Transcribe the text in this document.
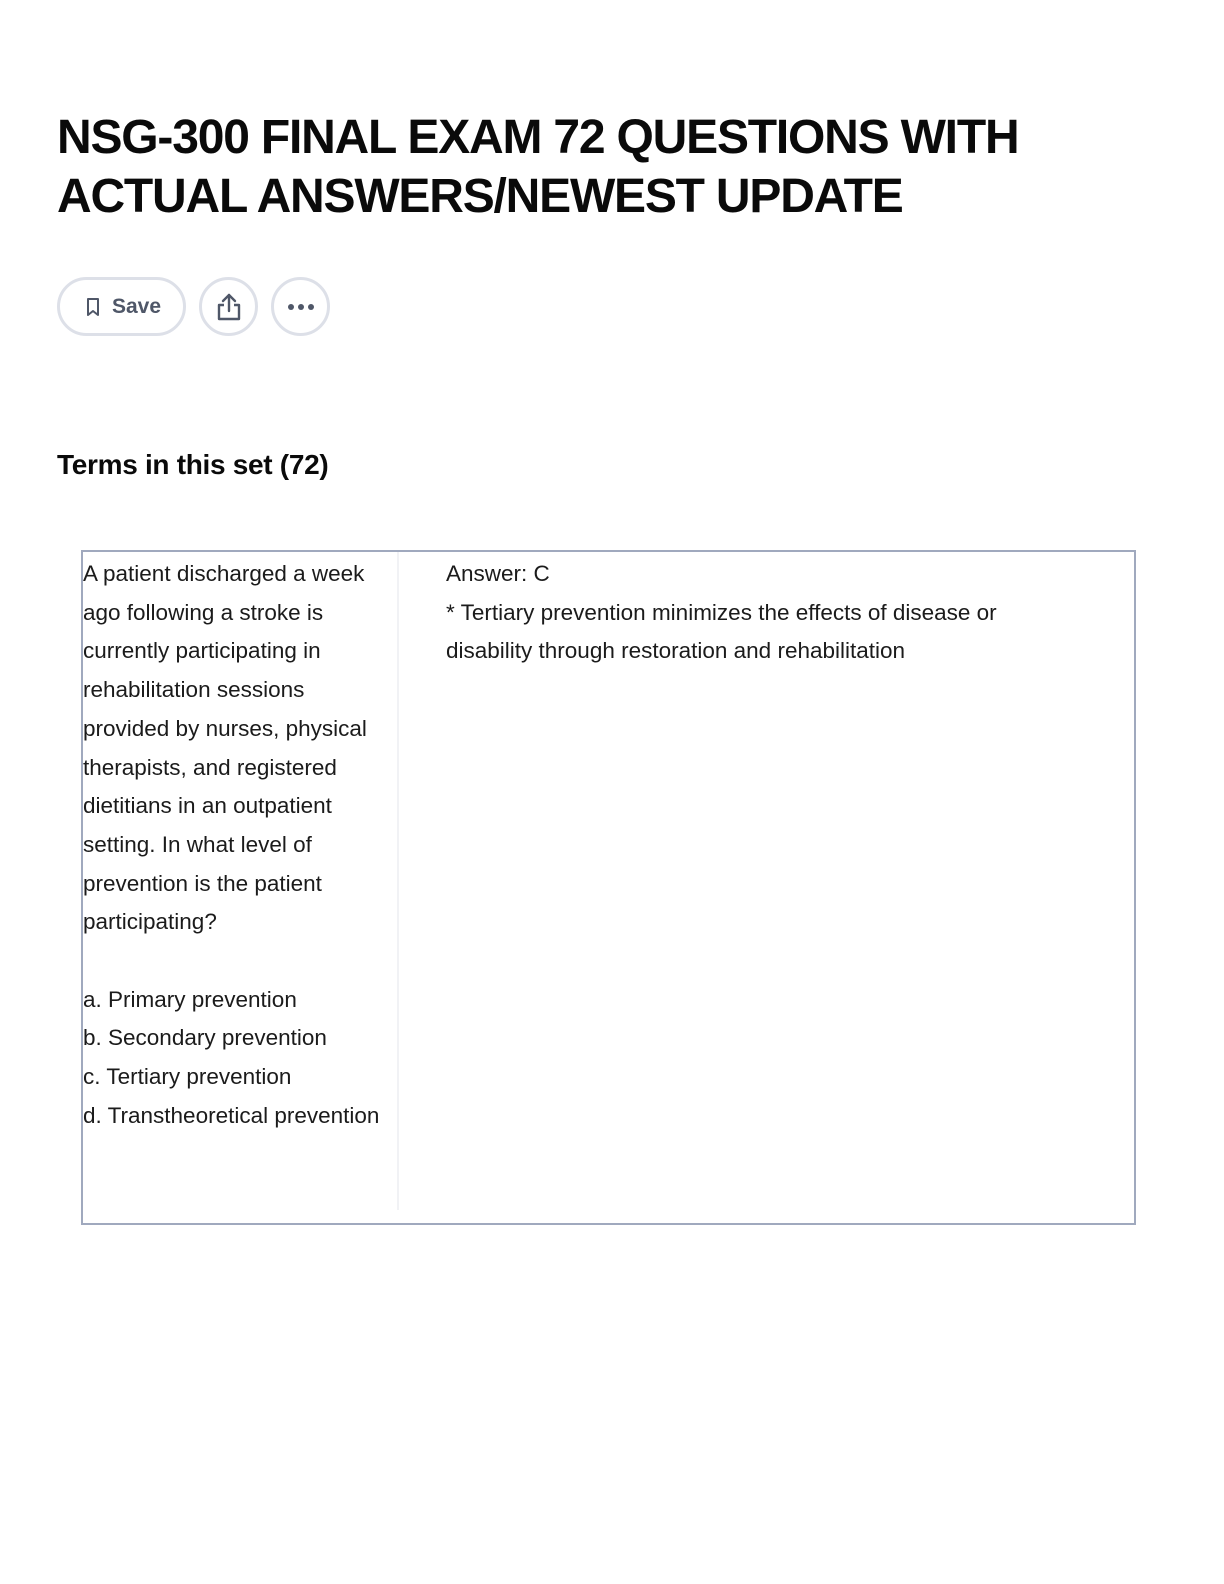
NSG-300 FINAL EXAM 72 QUESTIONS WITH ACTUAL ANSWERS/NEWEST UPDATE
Save
Terms in this set (72)
A patient discharged a week ago following a stroke is currently participating in rehabilitation sessions provided by nurses, physical therapists, and registered dietitians in an outpatient setting. In what level of prevention is the patient participating?

a. Primary prevention
b. Secondary prevention
c. Tertiary prevention
d. Transtheoretical prevention
Answer: C
* Tertiary prevention minimizes the effects of disease or disability through restoration and rehabilitation
